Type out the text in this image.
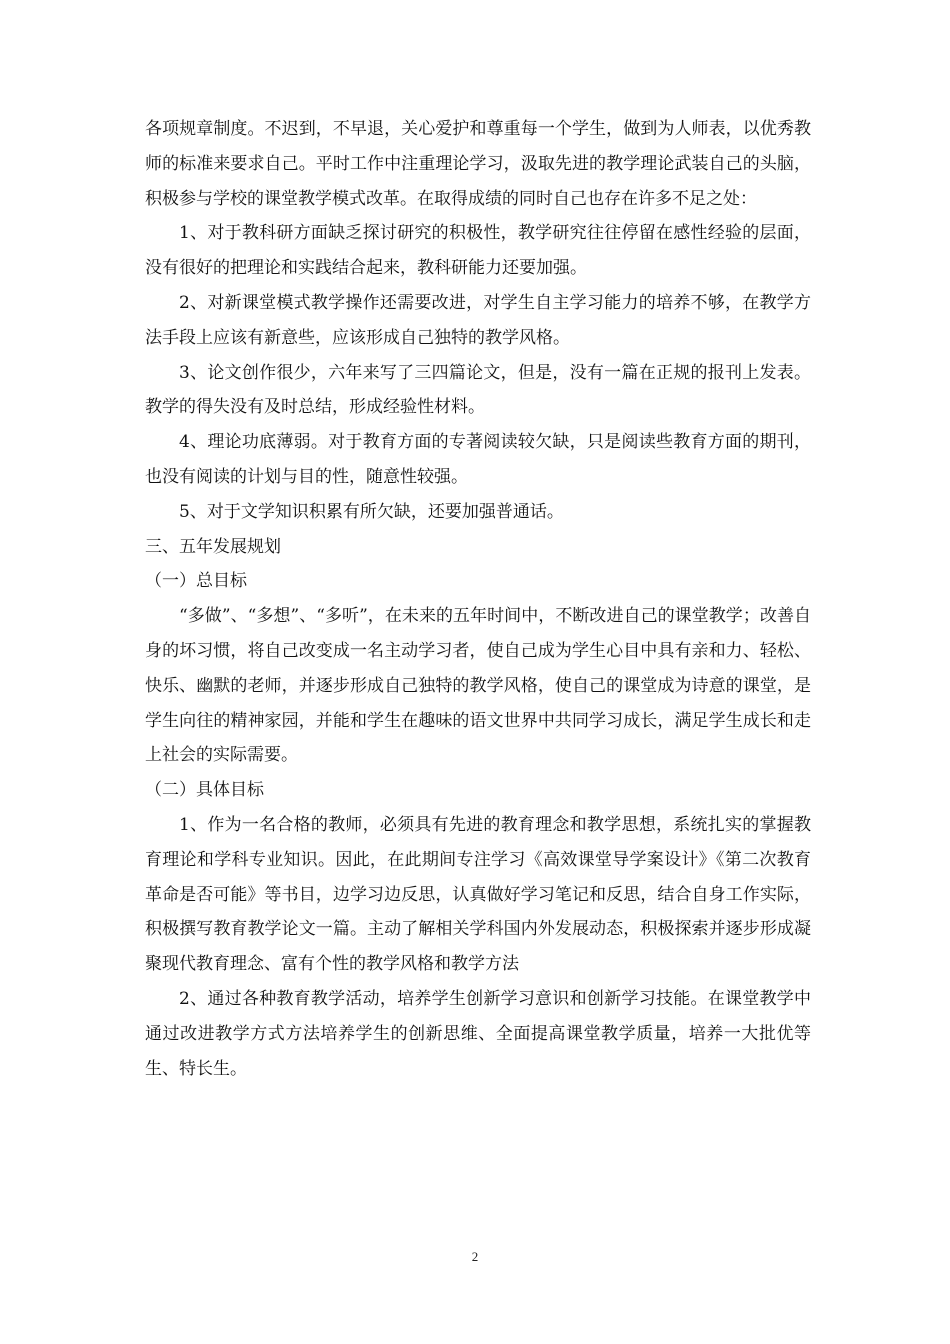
各项规章制度。不迟到，不早退，关心爱护和尊重每一个学生，做到为人师表，以优秀教师的标准来要求自己。平时工作中注重理论学习，汲取先进的教学理论武装自己的头脑，积极参与学校的课堂教学模式改革。在取得成绩的同时自己也存在许多不足之处：

1、对于教科研方面缺乏探讨研究的积极性，教学研究往往停留在感性经验的层面，没有很好的把理论和实践结合起来，教科研能力还要加强。

2、对新课堂模式教学操作还需要改进，对学生自主学习能力的培养不够，在教学方法手段上应该有新意些，应该形成自己独特的教学风格。

3、论文创作很少，六年来写了三四篇论文，但是，没有一篇在正规的报刊上发表。教学的得失没有及时总结，形成经验性材料。

4、理论功底薄弱。对于教育方面的专著阅读较欠缺，只是阅读些教育方面的期刊，也没有阅读的计划与目的性，随意性较强。

5、对于文学知识积累有所欠缺，还要加强普通话。

三、五年发展规划

（一）总目标

“多做”、“多想”、“多听”，在未来的五年时间中，不断改进自己的课堂教学；改善自身的坏习惯，将自己改变成一名主动学习者，使自己成为学生心目中具有亲和力、轻松、快乐、幽默的老师，并逐步形成自己独特的教学风格，使自己的课堂成为诗意的课堂，是学生向往的精神家园，并能和学生在趣味的语文世界中共同学习成长，满足学生成长和走上社会的实际需要。

（二）具体目标

1、作为一名合格的教师，必须具有先进的教育理念和教学思想，系统扎实的掌握教育理论和学科专业知识。因此，在此期间专注学习《高效课堂导学案设计》《第二次教育革命是否可能》等书目，边学习边反思，认真做好学习笔记和反思，结合自身工作实际，积极撰写教育教学论文一篇。主动了解相关学科国内外发展动态，积极探索并逐步形成凝聚现代教育理念、富有个性的教学风格和教学方法

2、通过各种教育教学活动，培养学生创新学习意识和创新学习技能。在课堂教学中通过改进教学方式方法培养学生的创新思维、全面提高课堂教学质量，培养一大批优等生、特长生。

2
